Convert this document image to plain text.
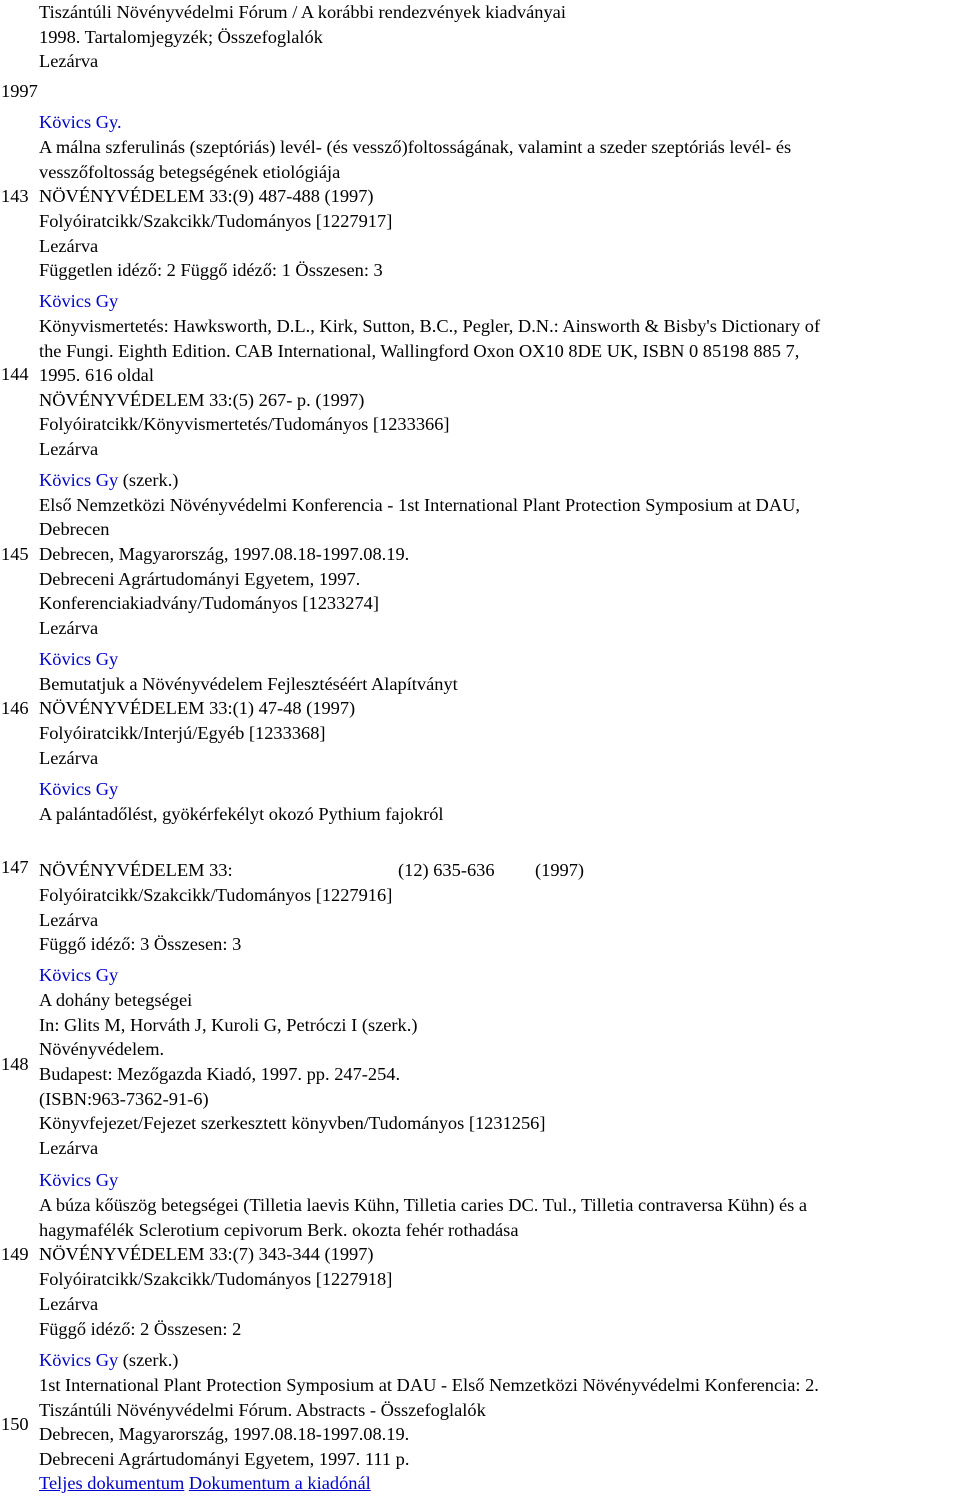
Tiszántúli Növényvédelmi Fórum / A korábbi rendezvények kiadványai
1998. Tartalomjegyzék; Összefoglalók
Lezárva
1997
Kövics Gy.
A málna szferulinás (szeptóriás) levél- (és vessző)foltosságának, valamint a szeder szeptóriás levél- és
vesszőfoltosság betegségének etiológiája
143 NÖVÉNYVÉDELEM 33:(9) 487-488 (1997)
Folyóiratcikk/Szakcikk/Tudományos [1227917]
Lezárva
Független idéző: 2 Függő idéző: 1 Összesen: 3
Kövics Gy
Könyvismertetés: Hawksworth, D.L., Kirk, Sutton, B.C., Pegler, D.N.: Ainsworth & Bisby's Dictionary of
the Fungi. Eighth Edition. CAB International, Wallingford Oxon OX10 8DE UK, ISBN 0 85198 885 7,
144 1995. 616 oldal
NÖVÉNYVÉDELEM 33:(5) 267- p. (1997)
Folyóiratcikk/Könyvismertetés/Tudományos [1233366]
Lezárva
Kövics Gy (szerk.)
Első Nemzetközi Növényvédelmi Konferencia - 1st International Plant Protection Symposium at DAU,
Debrecen
145 Debrecen, Magyarország, 1997.08.18-1997.08.19.
Debreceni Agrártudományi Egyetem, 1997.
Konferenciakiadvány/Tudományos [1233274]
Lezárva
Kövics Gy
Bemutatjuk a Növényvédelem Fejlesztéséért Alapítványt
146 NÖVÉNYVÉDELEM 33:(1) 47-48 (1997)
Folyóiratcikk/Interjú/Egyéb [1233368]
Lezárva
Kövics Gy
A palántadőlést, gyökérfekélyt okozó Pythium fajokról
147 NÖVÉNYVÉDELEM 33:	(12) 635-636 (1997)
Folyóiratcikk/Szakcikk/Tudományos [1227916]
Lezárva
Függő idéző: 3 Összesen: 3
Kövics Gy
A dohány betegségei
In: Glits M, Horváth J, Kuroli G, Petróczi I (szerk.)
Növényvédelem.
148 Budapest: Mezőgazda Kiadó, 1997. pp. 247-254.
(ISBN:963-7362-91-6)
Könyvfejezet/Fejezet szerkesztett könyvben/Tudományos [1231256]
Lezárva
Kövics Gy
A búza kőüszög betegségei (Tilletia laevis Kühn, Tilletia caries DC. Tul., Tilletia contraversa Kühn) és a
hagymafélék Sclerotium cepivorum Berk. okozta fehér rothadása
149 NÖVÉNYVÉDELEM 33:(7) 343-344 (1997)
Folyóiratcikk/Szakcikk/Tudományos [1227918]
Lezárva
Függő idéző: 2 Összesen: 2
Kövics Gy (szerk.)
1st International Plant Protection Symposium at DAU - Első Nemzetközi Növényvédelmi Konferencia: 2.
Tiszántúli Növényvédelmi Fórum. Abstracts - Összefoglalók
150 Debrecen, Magyarország, 1997.08.18-1997.08.19.
Debreceni Agrártudományi Egyetem, 1997. 111 p.
Teljes dokumentum Dokumentum a kiadónál
